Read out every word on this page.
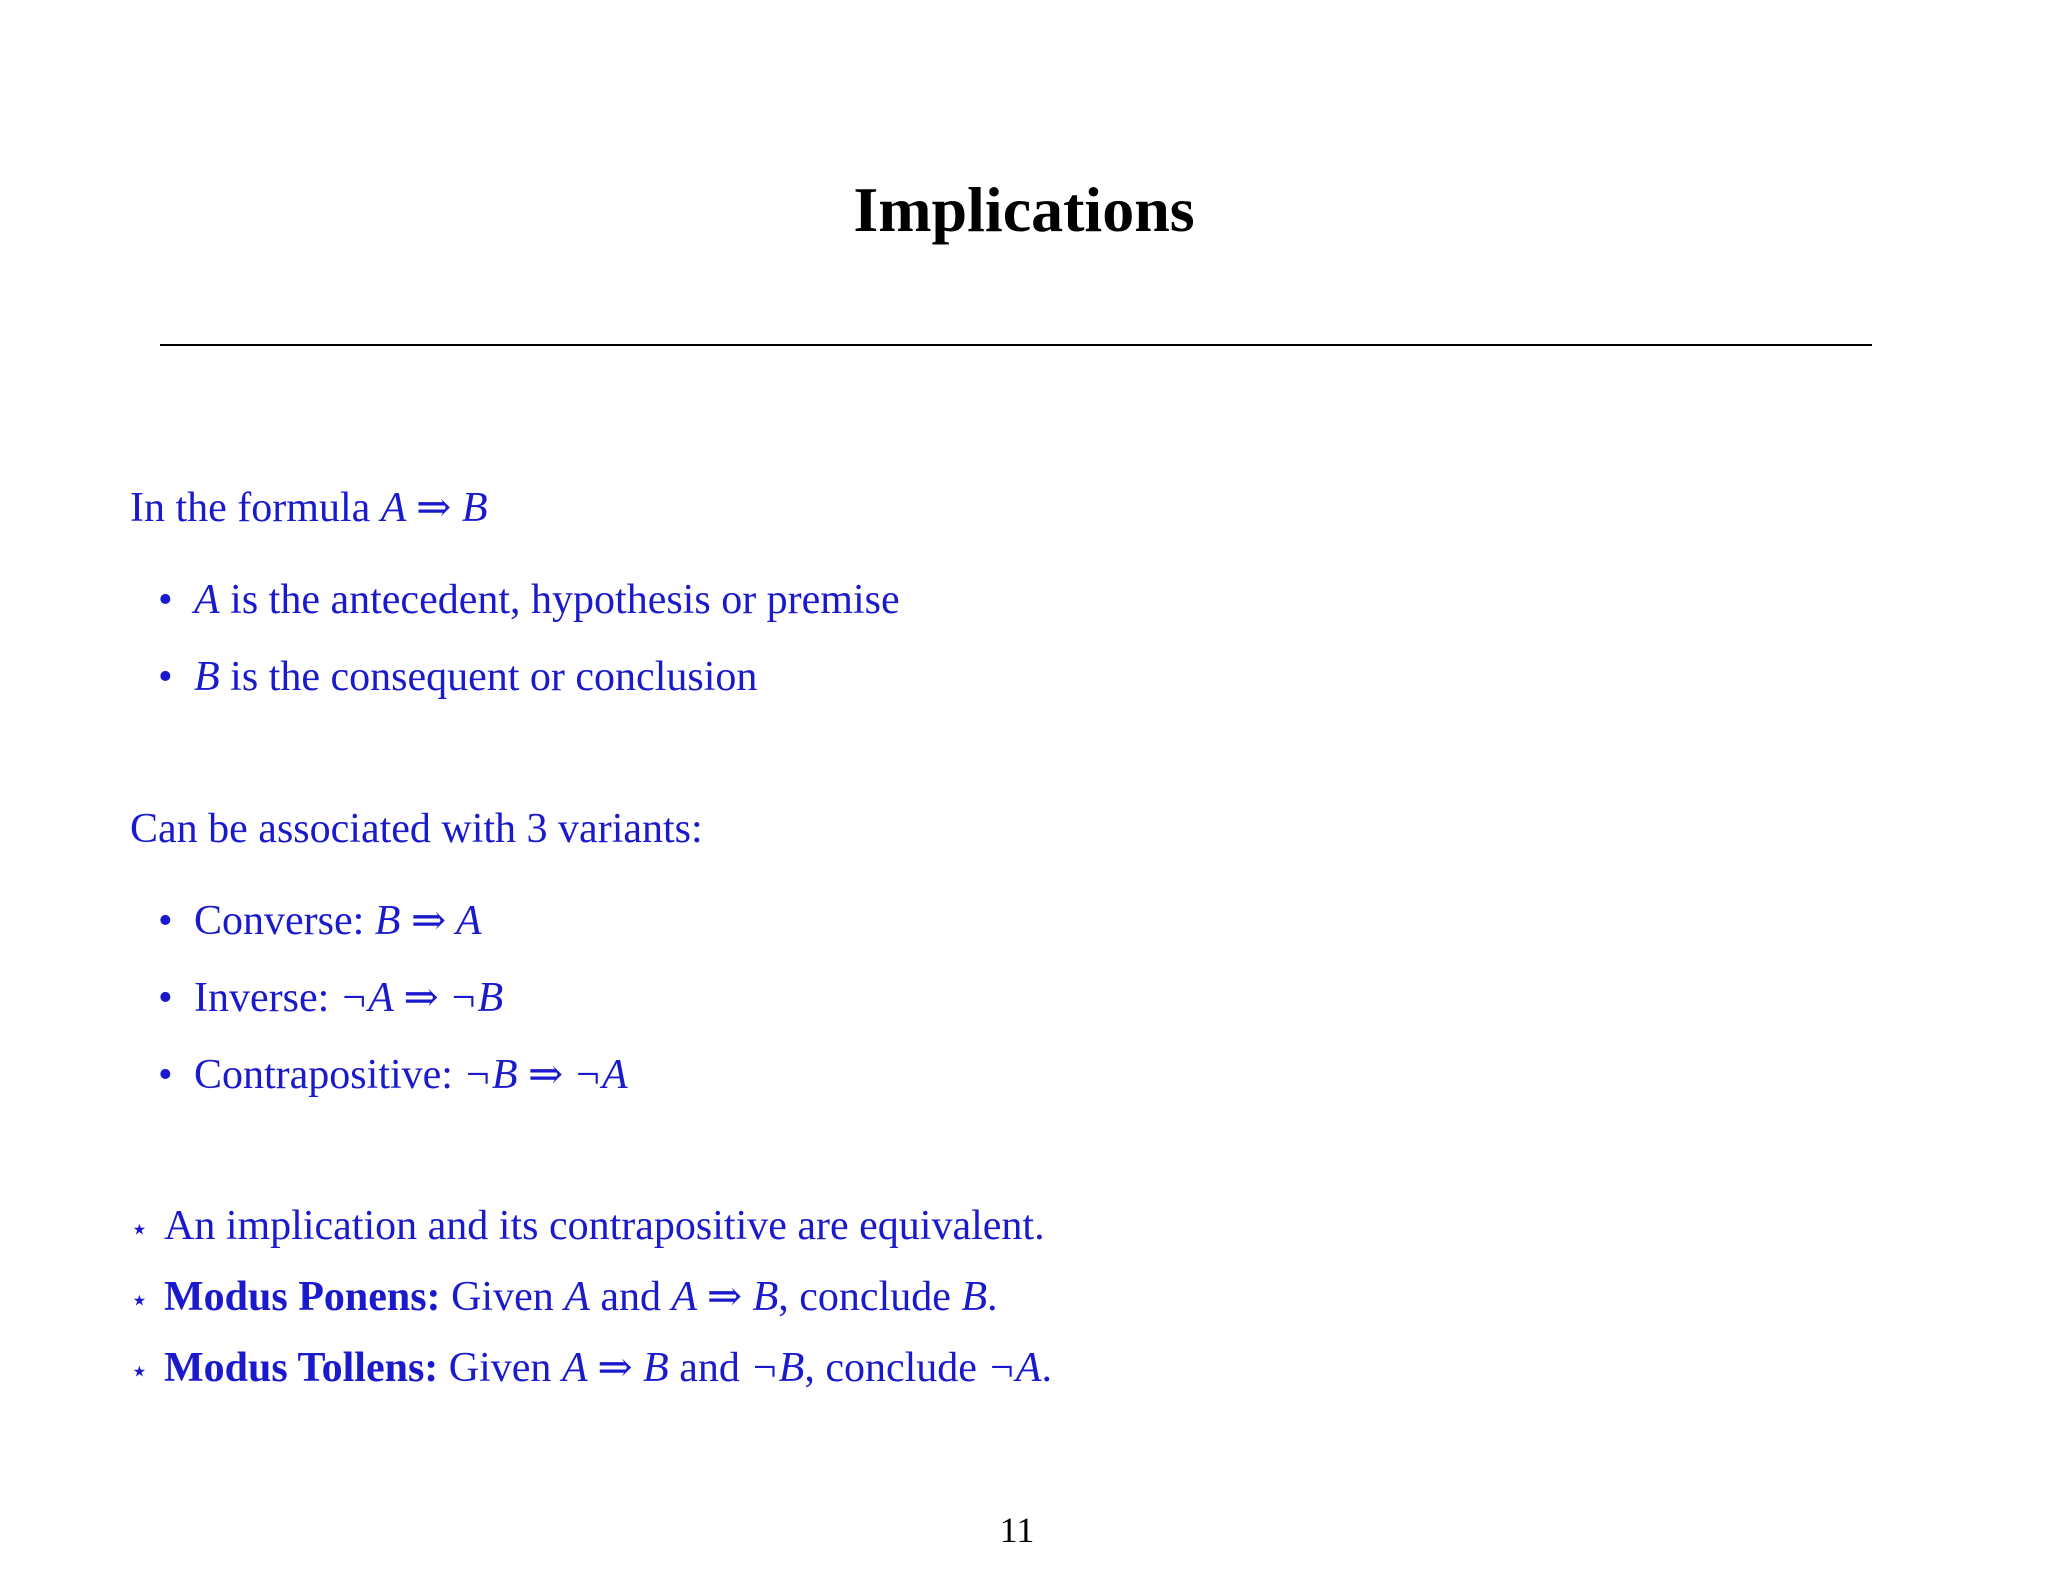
Implications
In the formula A ⇒ B
• A is the antecedent, hypothesis or premise
• B is the consequent or conclusion
Can be associated with 3 variants:
• Converse: B ⇒ A
• Inverse: ¬A ⇒ ¬B
• Contrapositive: ¬B ⇒ ¬A
⋆ An implication and its contrapositive are equivalent.
⋆ Modus Ponens: Given A and A ⇒ B, conclude B.
⋆ Modus Tollens: Given A ⇒ B and ¬B, conclude ¬A.
11
